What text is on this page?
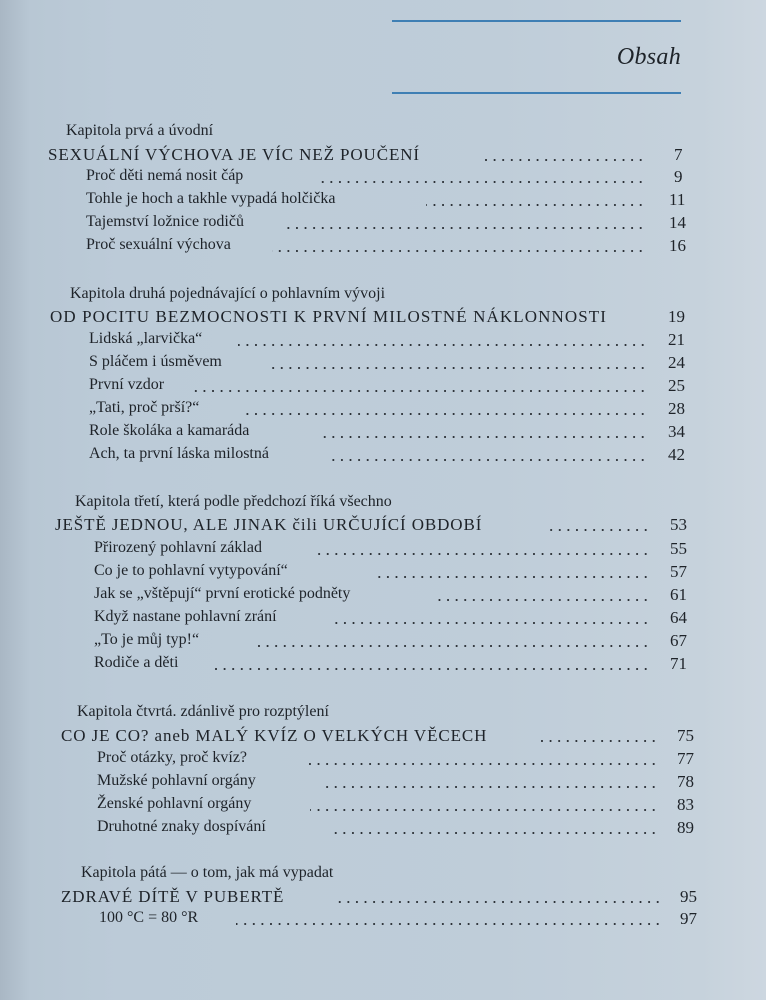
Obsah
Kapitola prvá a úvodní
SEXUÁLNÍ VÝCHOVA JE VÍC NEŽ POUČENÍ	7
Proč děti nemá nosit čáp	9
Tohle je hoch a takhle vypadá holčička	11
Tajemství ložnice rodičů	14
Proč sexuální výchova	16
Kapitola druhá pojednávající o pohlavním vývoji
OD POCITU BEZMOCNOSTI K PRVNÍ MILOSTNÉ NÁKLONNOSTI	19
Lidská „larvička“	21
S pláčem i úsměvem	24
První vzdor	25
„Tati, proč prší?“	28
Role školáka a kamaráda	34
Ach, ta první láska milostná	42
Kapitola třetí, která podle předchozí říká všechno
JEŠTĚ JEDNOU, ALE JINAK čili URČUJÍCÍ OBDOBÍ	53
Přirozený pohlavní základ	55
Co je to pohlavní vytypování“	57
Jak se „vštěpují“ první erotické podněty	61
Když nastane pohlavní zrání	64
„To je můj typ!“	67
Rodiče a děti	71
Kapitola čtvrtá. zdánlivě pro rozptýlení
CO JE CO? aneb MALÝ KVÍZ O VELKÝCH VĚCECH	75
Proč otázky, proč kvíz?	77
Mužské pohlavní orgány	78
Ženské pohlavní orgány	83
Druhotné znaky dospívání	89
Kapitola pátá — o tom, jak má vypadat
ZDRAVÉ DÍTĚ V PUBERTĚ	95
100 °C = 80 °R	97
